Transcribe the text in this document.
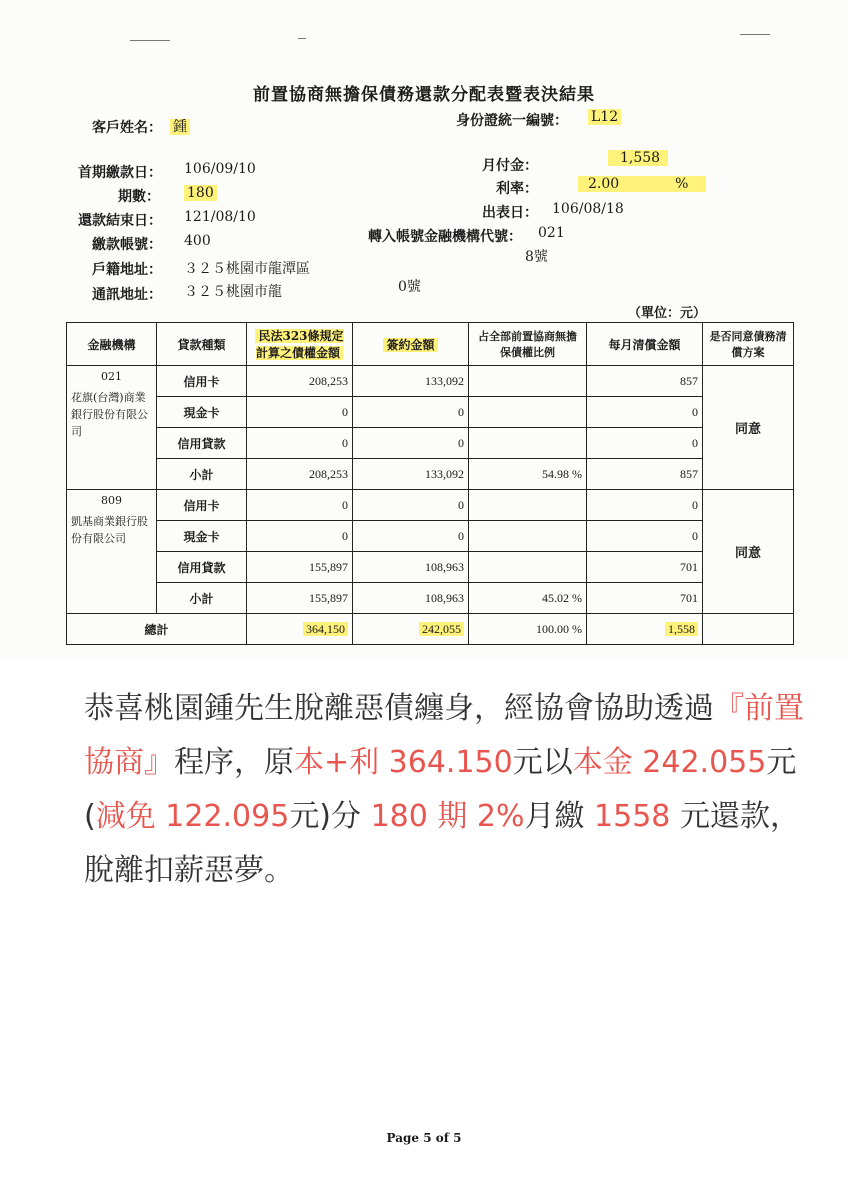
前置協商無擔保債務還款分配表暨表決結果
客戶姓名： 鍾	身份證統一編號： L12
首期繳款日： 106/09/10
期數： 180
還款結束日： 121/08/10
繳款帳號： 400
戶籍地址： ３２５桃園市龍潭區
8號
通訊地址： ３２５桃園市龍	0號
月付金：	1,558
利率：	2.00	%
出表日： 106/08/18
轉入帳號金融機構代號： 021
（單位：元）
金融機構	貸款種類	民法323條規定計算之債權金額	簽約金額	占全部前置協商無擔保債權比例	每月清償金額	是否同意債務清償方案

021
花旗(台灣)商業銀行股份有限公司	信用卡	208,253	133,092		857	同意
	現金卡	0	0		0	
	信用貸款	0	0		0	
	小計	208,253	133,092	54.98 %	857	

809
凱基商業銀行股份有限公司	信用卡	0	0		0	同意
	現金卡	0	0		0	
	信用貸款	155,897	108,963		701	
	小計	155,897	108,963	45.02 %	701	
總計		364,150	242,055	100.00 %	1,558	
恭喜桃園鍾先生脫離惡債纏身，經協會協助透過『前置協商』程序，原本+利 364.150元以本金 242.055元(減免 122.095元)分 180 期 2%月繳 1558 元還款，脫離扣薪惡夢。
Page 5 of 5
